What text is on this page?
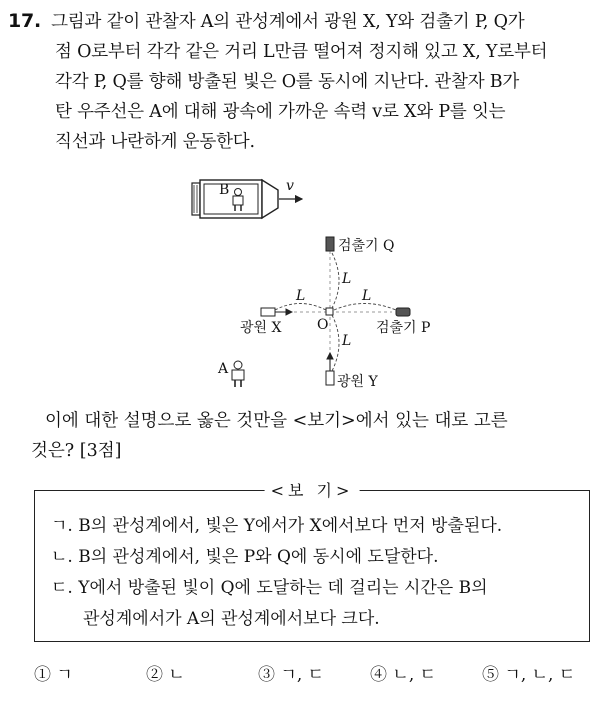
17. 그림과 같이 관찰자 A의 관성계에서 광원 X, Y와 검출기 P, Q가
점 O로부터 각각 같은 거리 L만큼 떨어져 정지해 있고 X, Y로부터
각각 P, Q를 향해 방출된 빛은 O를 동시에 지난다. 관찰자 B가
탄 우주선은 A에 대해 광속에 가까운 속력 v로 X와 P를 잇는
직선과 나란하게 운동한다.
B	v
검출기 Q
L
L	L
광원 X	O	검출기 P
L
A
광원 Y
이에 대한 설명으로 옳은 것만을 <보기>에서 있는 대로 고른
것은? [3점]
<보 기>
ㄱ. B의 관성계에서, 빛은 Y에서가 X에서보다 먼저 방출된다.
ㄴ. B의 관성계에서, 빛은 P와 Q에 동시에 도달한다.
ㄷ. Y에서 방출된 빛이 Q에 도달하는 데 걸리는 시간은 B의
관성계에서가 A의 관성계에서보다 크다.
① ㄱ	② ㄴ	③ ㄱ, ㄷ	④ ㄴ, ㄷ	⑤ ㄱ, ㄴ, ㄷ
